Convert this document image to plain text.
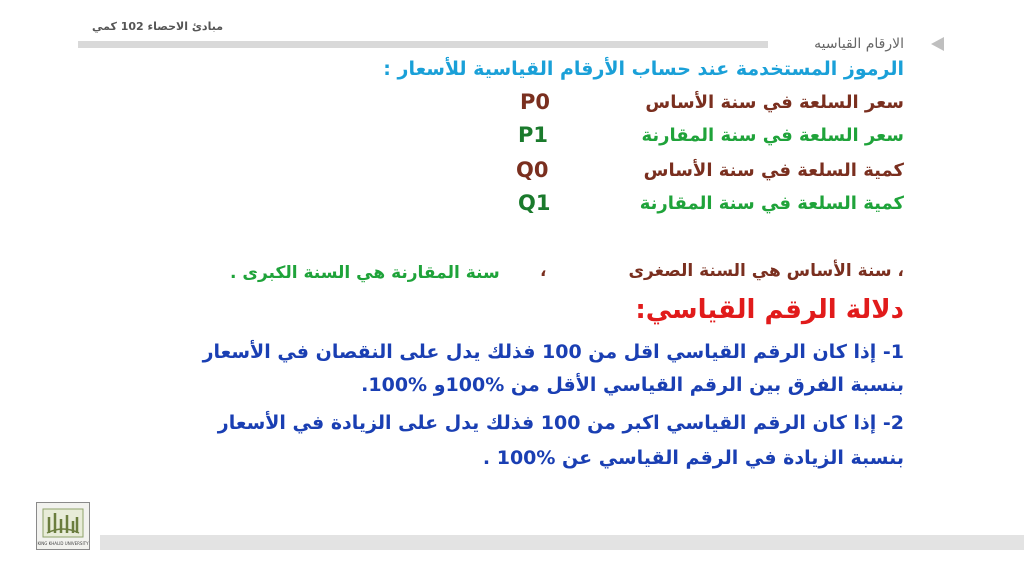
مبادئ الاحصاء 102 كمي
الارقام القياسيه
الرموز المستخدمة عند حساب الأرقام القياسية للأسعار :
سعر السلعة في سنة الأساس
P0
سعر السلعة في سنة المقارنة
P1
كمية السلعة في سنة الأساس
Q0
كمية السلعة في سنة المقارنة
Q1
، سنة الأساس هي السنة الصغرى
،
سنة المقارنة هي السنة الكبرى .
دلالة الرقم القياسي:
1- إذا كان الرقم القياسي اقل من 100 فذلك يدل على النقصان في الأسعار
بنسبة الفرق بين الرقم القياسي الأقل من %100و %100.
2- إذا كان الرقم القياسي اكبر من 100 فذلك يدل على الزيادة في الأسعار
بنسبة الزيادة في الرقم القياسي عن %100 .
KING KHALID UNIVERSITY
